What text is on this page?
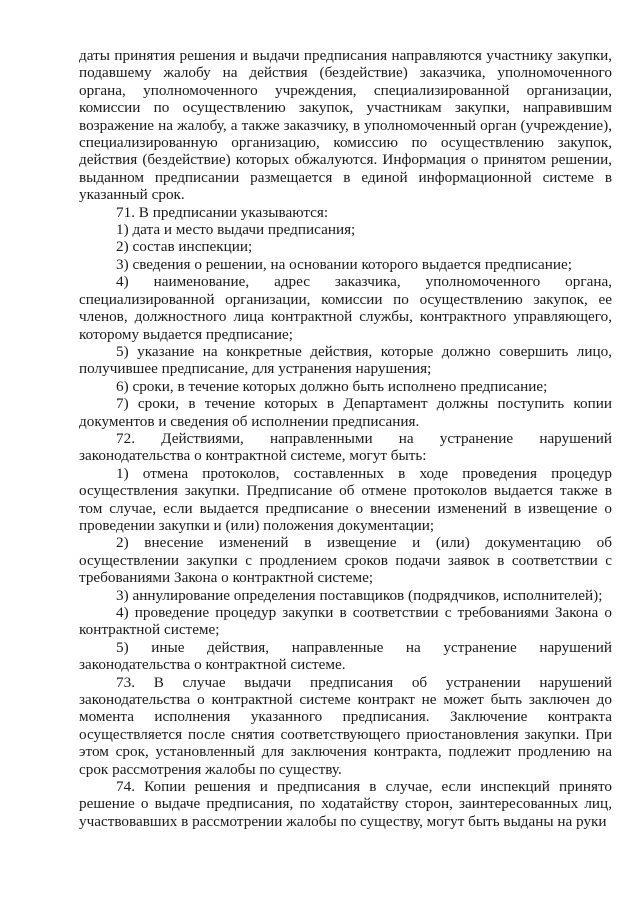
даты принятия решения и выдачи предписания направляются участнику закупки, подавшему жалобу на действия (бездействие) заказчика, уполномоченного органа, уполномоченного учреждения, специализированной организации, комиссии по осуществлению закупок, участникам закупки, направившим возражение на жалобу, а также заказчику, в уполномоченный орган (учреждение), специализированную организацию, комиссию по осуществлению закупок, действия (бездействие) которых обжалуются. Информация о принятом решении, выданном предписании размещается в единой информационной системе в указанный срок.

71. В предписании указываются:

1) дата и место выдачи предписания;

2) состав инспекции;

3) сведения о решении, на основании которого выдается предписание;

4) наименование, адрес заказчика, уполномоченного органа, специализированной организации, комиссии по осуществлению закупок, ее членов, должностного лица контрактной службы, контрактного управляющего, которому выдается предписание;

5) указание на конкретные действия, которые должно совершить лицо, получившее предписание, для устранения нарушения;

6) сроки, в течение которых должно быть исполнено предписание;

7) сроки, в течение которых в Департамент должны поступить копии документов и сведения об исполнении предписания.

72. Действиями, направленными на устранение нарушений законодательства о контрактной системе, могут быть:

1) отмена протоколов, составленных в ходе проведения процедур осуществления закупки. Предписание об отмене протоколов выдается также в том случае, если выдается предписание о внесении изменений в извещение о проведении закупки и (или) положения документации;

2) внесение изменений в извещение и (или) документацию об осуществлении закупки с продлением сроков подачи заявок в соответствии с требованиями Закона о контрактной системе;

3) аннулирование определения поставщиков (подрядчиков, исполнителей);

4) проведение процедур закупки в соответствии с требованиями Закона о контрактной системе;

5) иные действия, направленные на устранение нарушений законодательства о контрактной системе.

73. В случае выдачи предписания об устранении нарушений законодательства о контрактной системе контракт не может быть заключен до момента исполнения указанного предписания. Заключение контракта осуществляется после снятия соответствующего приостановления закупки. При этом срок, установленный для заключения контракта, подлежит продлению на срок рассмотрения жалобы по существу.

74. Копии решения и предписания в случае, если инспекций принято решение о выдаче предписания, по ходатайству сторон, заинтересованных лиц, участвовавших в рассмотрении жалобы по существу, могут быть выданы на руки
